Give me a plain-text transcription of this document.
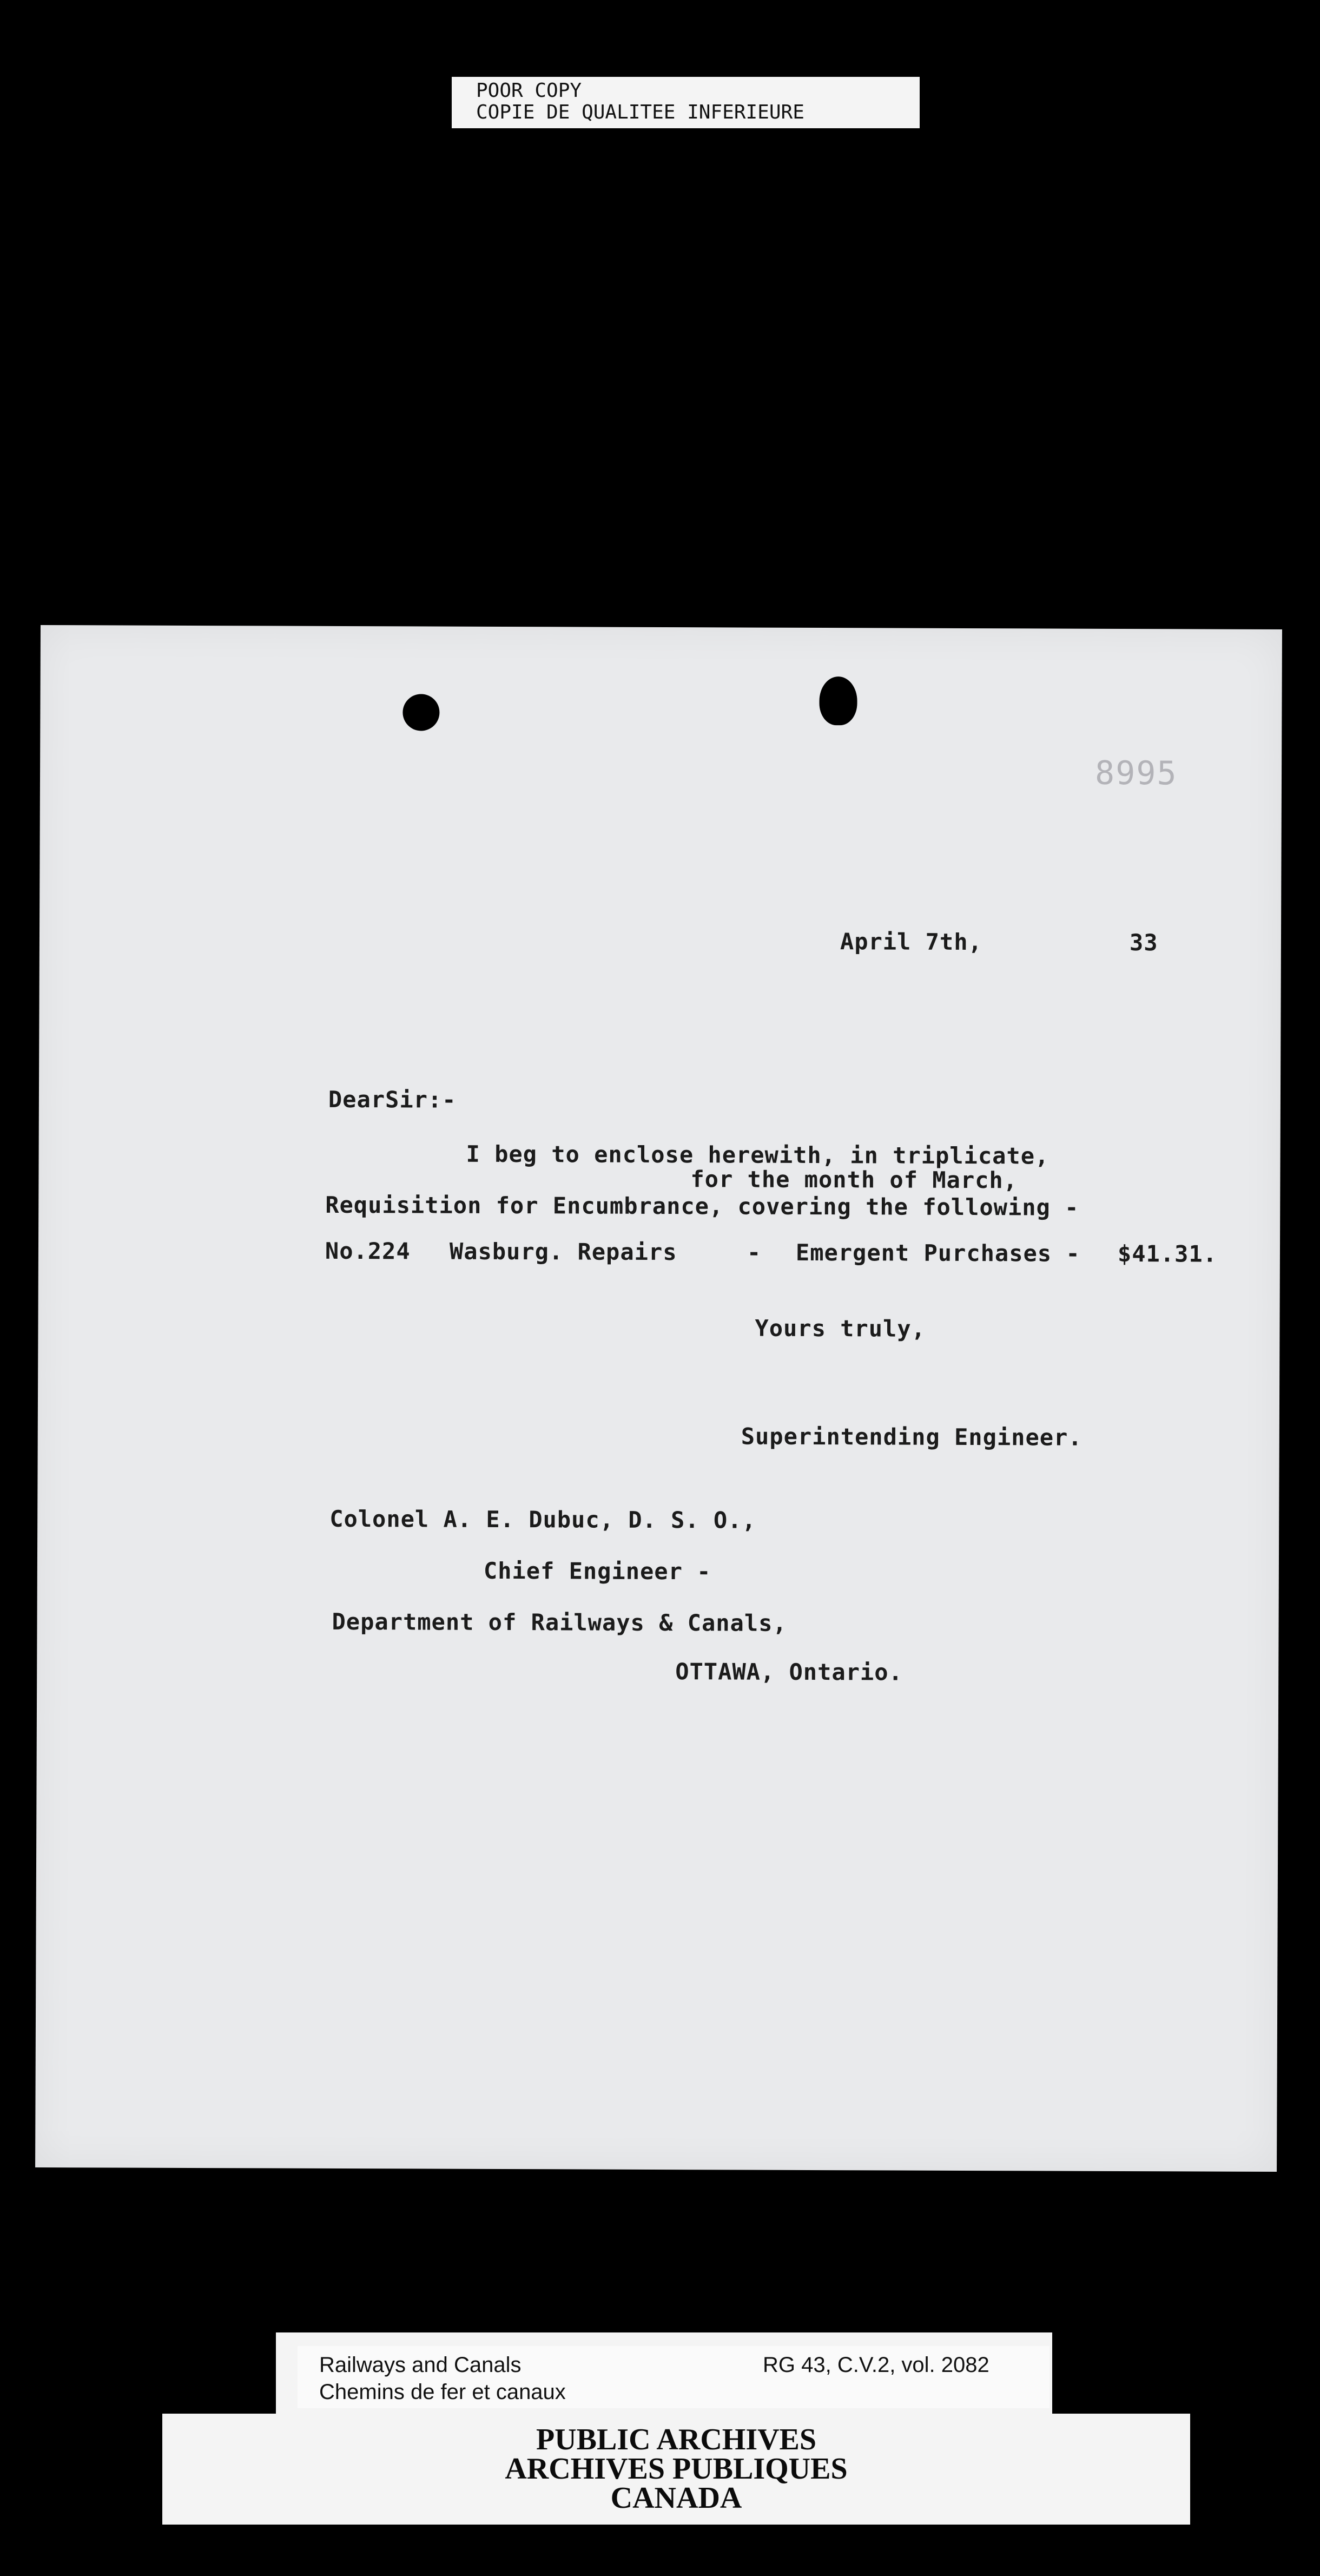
POOR COPY
COPIE DE QUALITEE INFERIEURE
8995
April 7th,	33
DearSir:-
I beg to enclose herewith, in triplicate,
for the month of March,
Requisition for Encumbrance, covering the following -
No.224 Wasburg. Repairs	- Emergent Purchases - $41.31.
Yours truly,
Superintending Engineer.
Colonel A. E. Dubuc, D. S. O.,
Chief Engineer -
Department of Railways & Canals,
OTTAWA, Ontario.
Railways and Canals
Chemins de fer et canaux
RG 43, C.V.2, vol. 2082
PUBLIC ARCHIVES
ARCHIVES PUBLIQUES
CANADA
